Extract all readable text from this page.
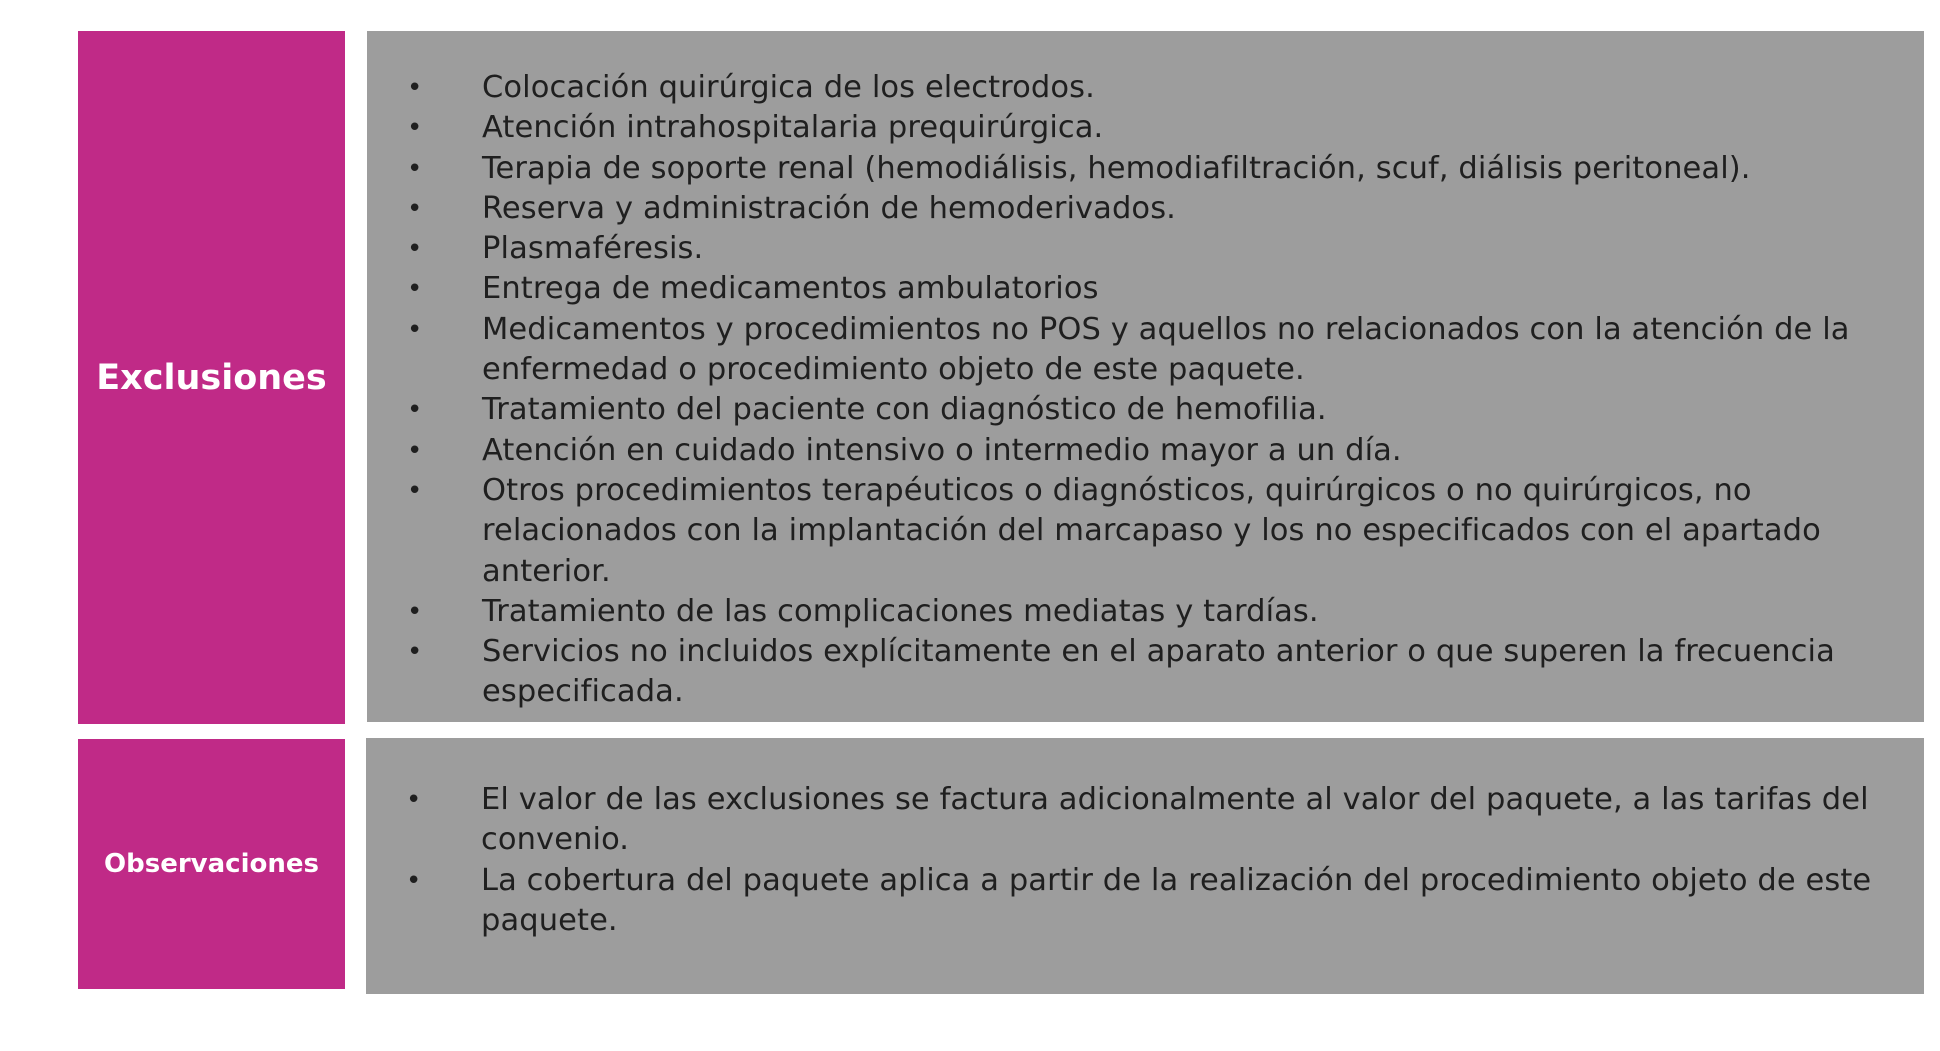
Exclusiones
• Colocación quirúrgica de los electrodos.
• Atención intrahospitalaria prequirúrgica.
• Terapia de soporte renal (hemodiálisis, hemodiafiltración, scuf, diálisis peritoneal).
• Reserva y administración de hemoderivados.
• Plasmaféresis.
• Entrega de medicamentos ambulatorios
• Medicamentos y procedimientos no POS y aquellos no relacionados con la atención de la enfermedad o procedimiento objeto de este paquete.
• Tratamiento del paciente con diagnóstico de hemofilia.
• Atención en cuidado intensivo o intermedio mayor a un día.
• Otros procedimientos terapéuticos o diagnósticos, quirúrgicos o no quirúrgicos, no relacionados con la implantación del marcapaso y los no especificados con el apartado anterior.
• Tratamiento de las complicaciones mediatas y tardías.
• Servicios no incluidos explícitamente en el aparato anterior o que superen la frecuencia especificada.
Observaciones
• El valor de las exclusiones se factura adicionalmente al valor del paquete, a las tarifas del convenio.
• La cobertura del paquete aplica a partir de la realización del procedimiento objeto de este paquete.
